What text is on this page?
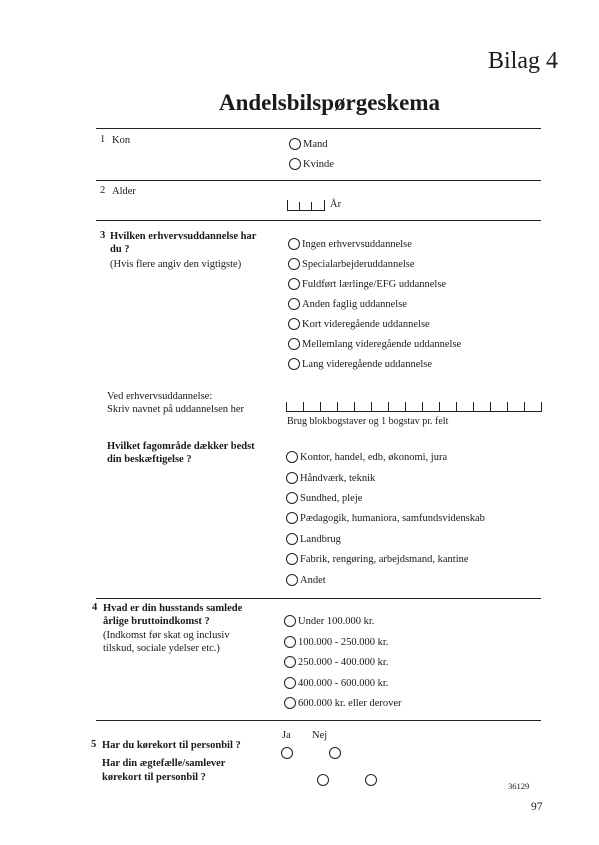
Bilag 4
Andelsbilspørgeskema
1 Kon	Mand
Kvinde
2 Alder
År
3 Hvilken erhvervsuddannelse har
du ?
(Hvis flere angiv den vigtigste)
Ingen erhvervsuddannelse
Specialarbejderuddannelse
Fuldført lærlinge/EFG uddannelse
Anden faglig uddannelse
Kort videregående uddannelse
Mellemlang videregående uddannelse
Lang videregående uddannelse
Ved erhvervsuddannelse:
Skriv navnet på uddannelsen her
Brug blokbogstaver og 1 bogstav pr. felt
Hvilket fagområde dækker bedst
din beskæftigelse ?	Kontor, handel, edb, økonomi, jura
Håndværk, teknik
Sundhed, pleje
Pædagogik, humaniora, samfundsvidenskab
Landbrug
Fabrik, rengøring, arbejdsmand, kantine
Andet
4 Hvad er din husstands samlede
årlige bruttoindkomst ?
(Indkomst før skat og inclusiv
tilskud, sociale ydelser etc.)
Under 100.000 kr.
100.000 - 250.000 kr.
250.000 - 400.000 kr.
400.000 - 600.000 kr.
600.000 kr. eller derover
Ja Nej
5 Har du kørekort til personbil ?

Har din ægtefælle/samlever
kørekort til personbil ?

36129
97
